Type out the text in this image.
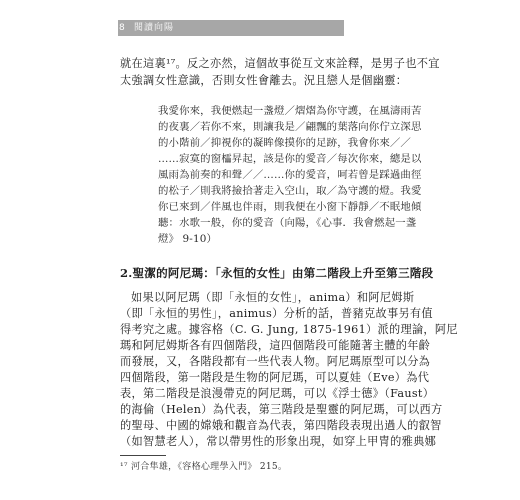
8 閱讀向陽
就在這裏¹⁷。反之亦然，這個故事從互文來詮釋，是男子也不宜
太強調女性意識，否則女性會離去。況且戀人是個幽靈：
我愛你來，我便燃起一盞燈／熠熠為你守護，在風濤雨苦
的夜裏／若你不來，則讓我是／翩飄的葉落向你佇立深思
的小階前／抑視你的凝眸像摸你的足跡，我會你來／／
……寂寞的窗櫺昇起，該是你的愛音／每次你來，總是以
風雨為前奏的和聲／／……你的愛音，呵若曾是踩過曲徑
的松子／則我將撿拾著走入空山，取／為守護的燈。我愛
你已來到／伴風也伴雨，則我便在小窗下靜靜／不眠地傾
聽：水歌一般，你的愛音（向陽，《心事．我會燃起一盞
燈》 9-10）
2.聖潔的阿尼瑪：「永恒的女性」由第二階段上升至第三階段
如果以阿尼瑪（即「永恒的女性」，anima）和阿尼姆斯
（即「永恒的男性」，animus）分析的話，普豬克故事另有值
得考究之處。據容格（C. G. Jung, 1875-1961）派的理論，阿尼
瑪和阿尼姆斯各有四個階段，這四個階段可能隨著主體的年齡
而發展，又，各階段都有一些代表人物。阿尼瑪原型可以分為
四個階段，第一階段是生物的阿尼瑪，可以夏娃（Eve）為代
表，第二階段是浪漫帶克的阿尼瑪，可以《浮士德》（Faust）
的海倫（Helen）為代表，第三階段是聖靈的阿尼瑪，可以西方
的聖母、中國的嫦娥和觀音為代表，第四階段表現出過人的叡智
（如智慧老人），常以帶男性的形象出現，如穿上甲冑的雅典娜
¹⁷ 河合隼雄，《容格心理學入門》 215。
